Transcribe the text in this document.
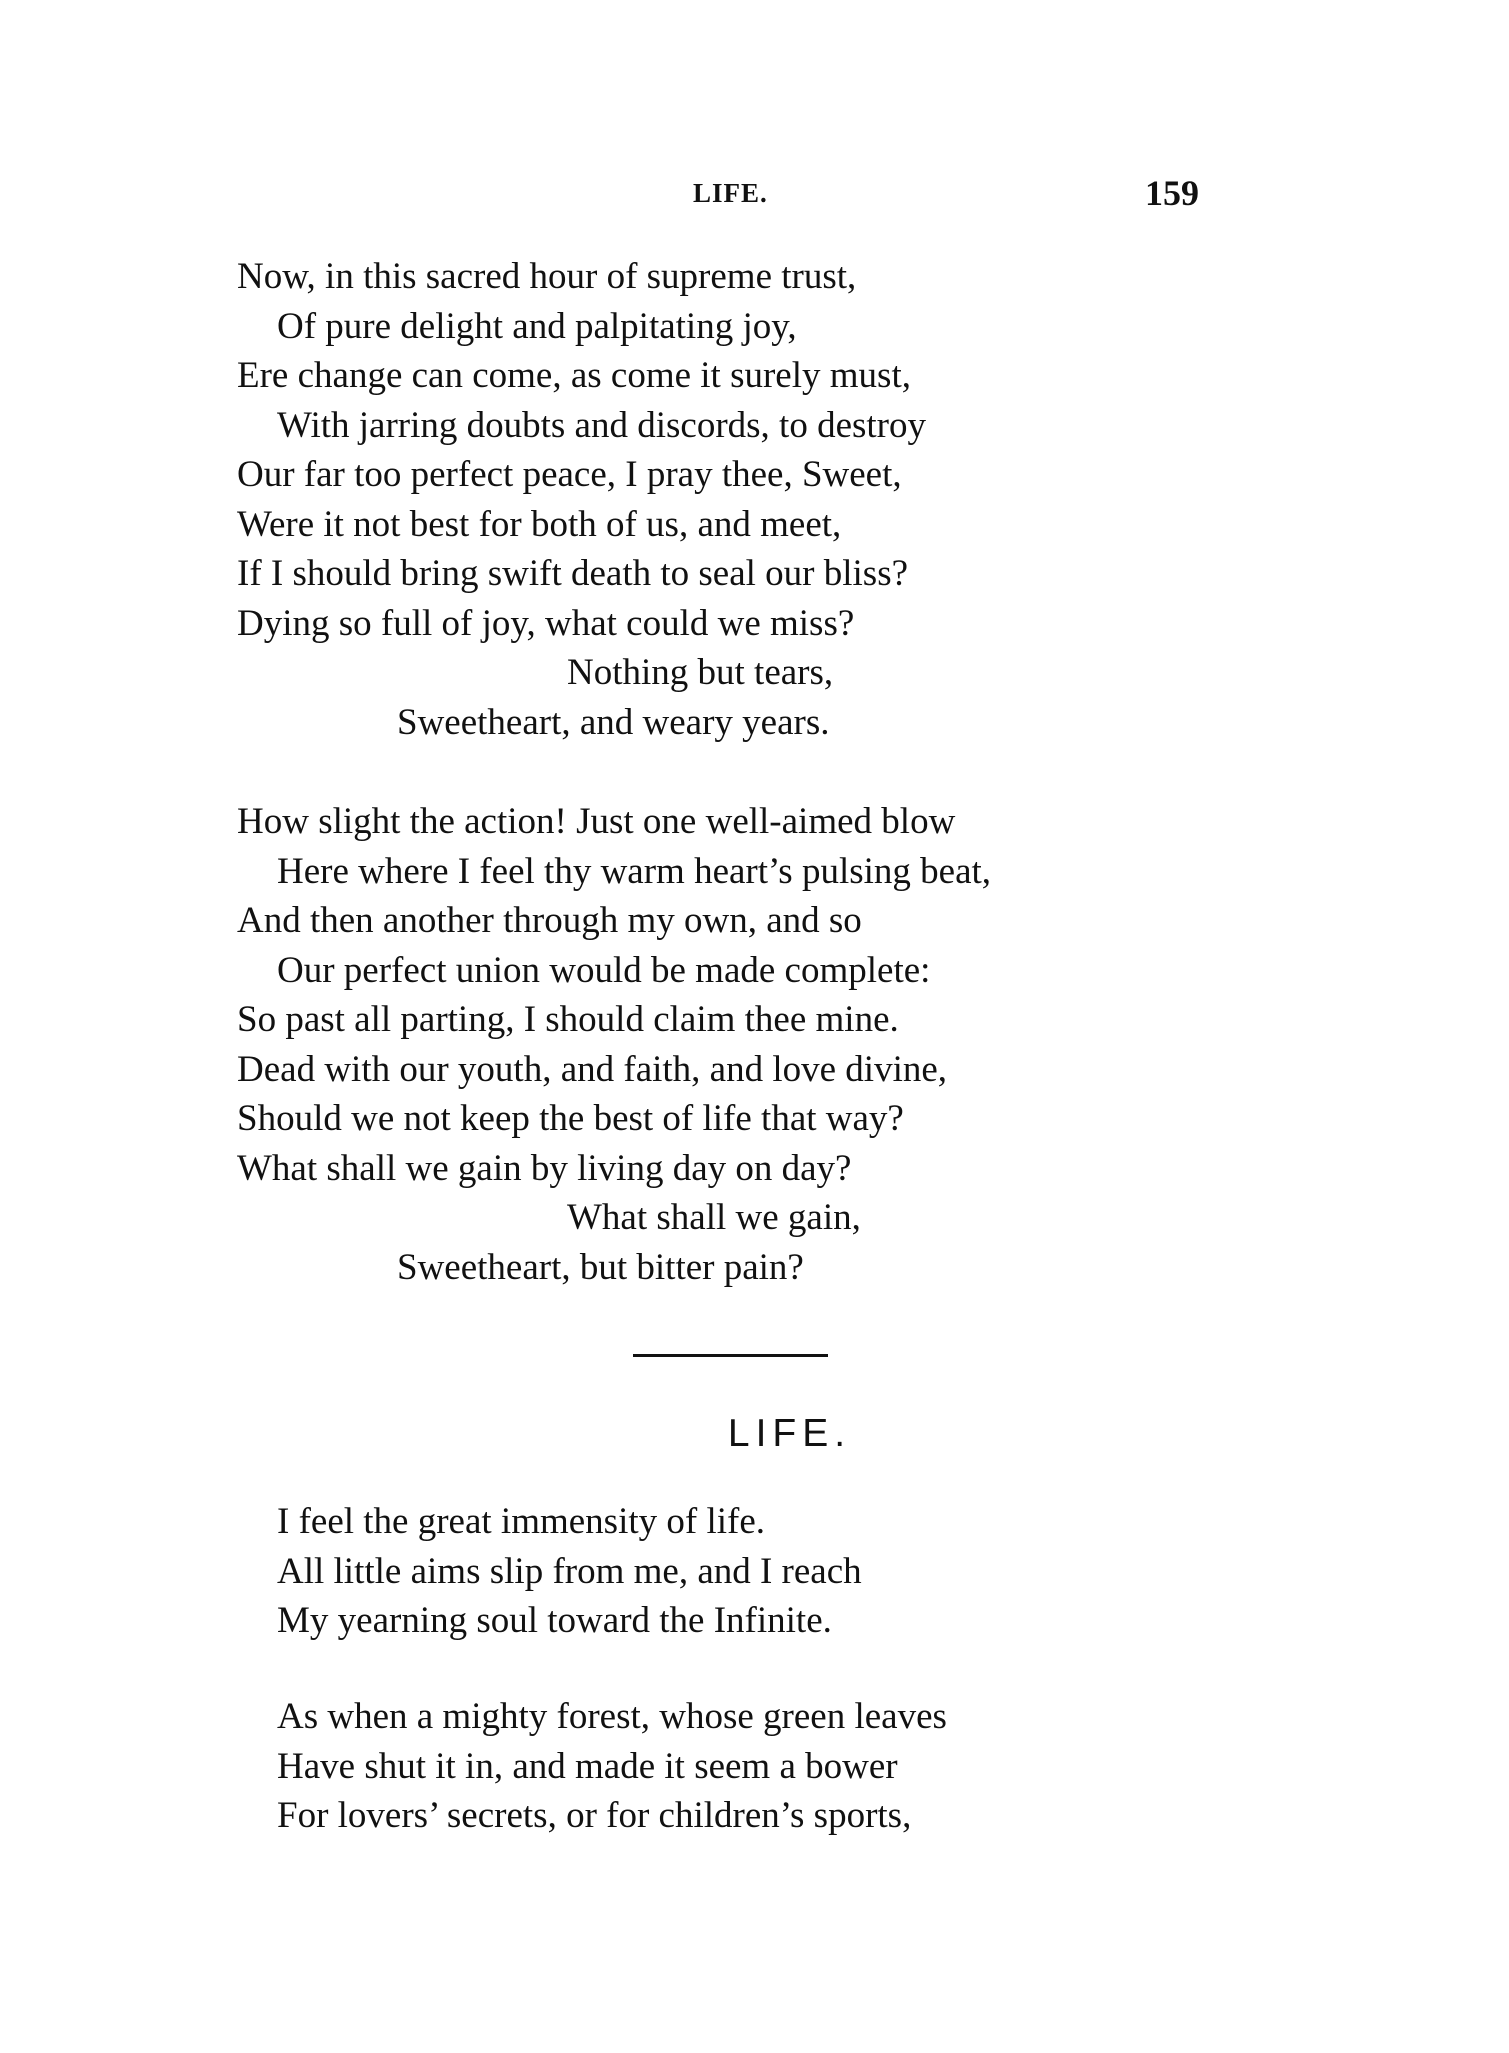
LIFE.	159
Now, in this sacred hour of supreme trust,
Of pure delight and palpitating joy,
Ere change can come, as come it surely must,
With jarring doubts and discords, to destroy
Our far too perfect peace, I pray thee, Sweet,
Were it not best for both of us, and meet,
If I should bring swift death to seal our bliss?
Dying so full of joy, what could we miss?
Nothing but tears,
Sweetheart, and weary years.
How slight the action! Just one well-aimed blow
Here where I feel thy warm heart’s pulsing beat,
And then another through my own, and so
Our perfect union would be made complete:
So past all parting, I should claim thee mine.
Dead with our youth, and faith, and love divine,
Should we not keep the best of life that way?
What shall we gain by living day on day?
What shall we gain,
Sweetheart, but bitter pain?
LIFE.
I feel the great immensity of life.
All little aims slip from me, and I reach
My yearning soul toward the Infinite.
As when a mighty forest, whose green leaves
Have shut it in, and made it seem a bower
For lovers’ secrets, or for children’s sports,
